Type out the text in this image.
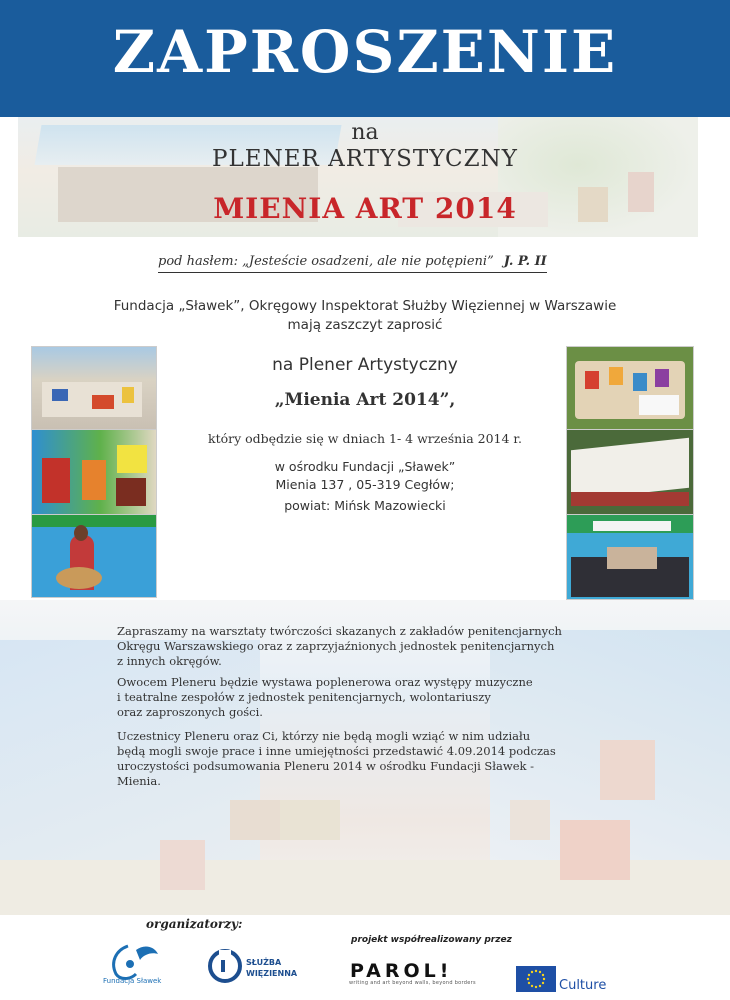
ZAPROSZENIE
na
PLENER ARTYSTYCZNY
MIENIA ART 2014
pod hasłem: „Jesteście osadzeni, ale nie potępieni” J. P. II
Fundacja „Sławek”, Okręgowy Inspektorat Służby Więziennej w Warszawie
mają zaszczyt zaprosić
na Plener Artystyczny
„Mienia Art 2014”,
który odbędzie się w dniach 1- 4 września 2014 r.
w ośrodku Fundacji „Sławek”
Mienia 137 , 05-319 Cegłów;
powiat: Mińsk Mazowiecki
Zapraszamy na warsztaty twórczości skazanych z zakładów penitencjarnych
Okręgu Warszawskiego oraz z zaprzyjaźnionych jednostek penitencjarnych
z innych okręgów.
Owocem Pleneru będzie wystawa poplenerowa oraz występy muzyczne
i teatralne zespołów z jednostek penitencjarnych, wolontariuszy
oraz zaproszonych gości.
Uczestnicy Pleneru oraz Ci, którzy nie będą mogli wziąć w nim udziału
będą mogli swoje prace i inne umiejętności przedstawić 4.09.2014 podczas
uroczystości podsumowania Pleneru 2014 w ośrodku Fundacji Sławek -
Mienia.
organizatorzy:
projekt współrealizowany przez
Fundacja Sławek
SŁUŻBA
WIĘZIENNA	PAROL!
writing and art beyond walls, beyond borders	Culture
